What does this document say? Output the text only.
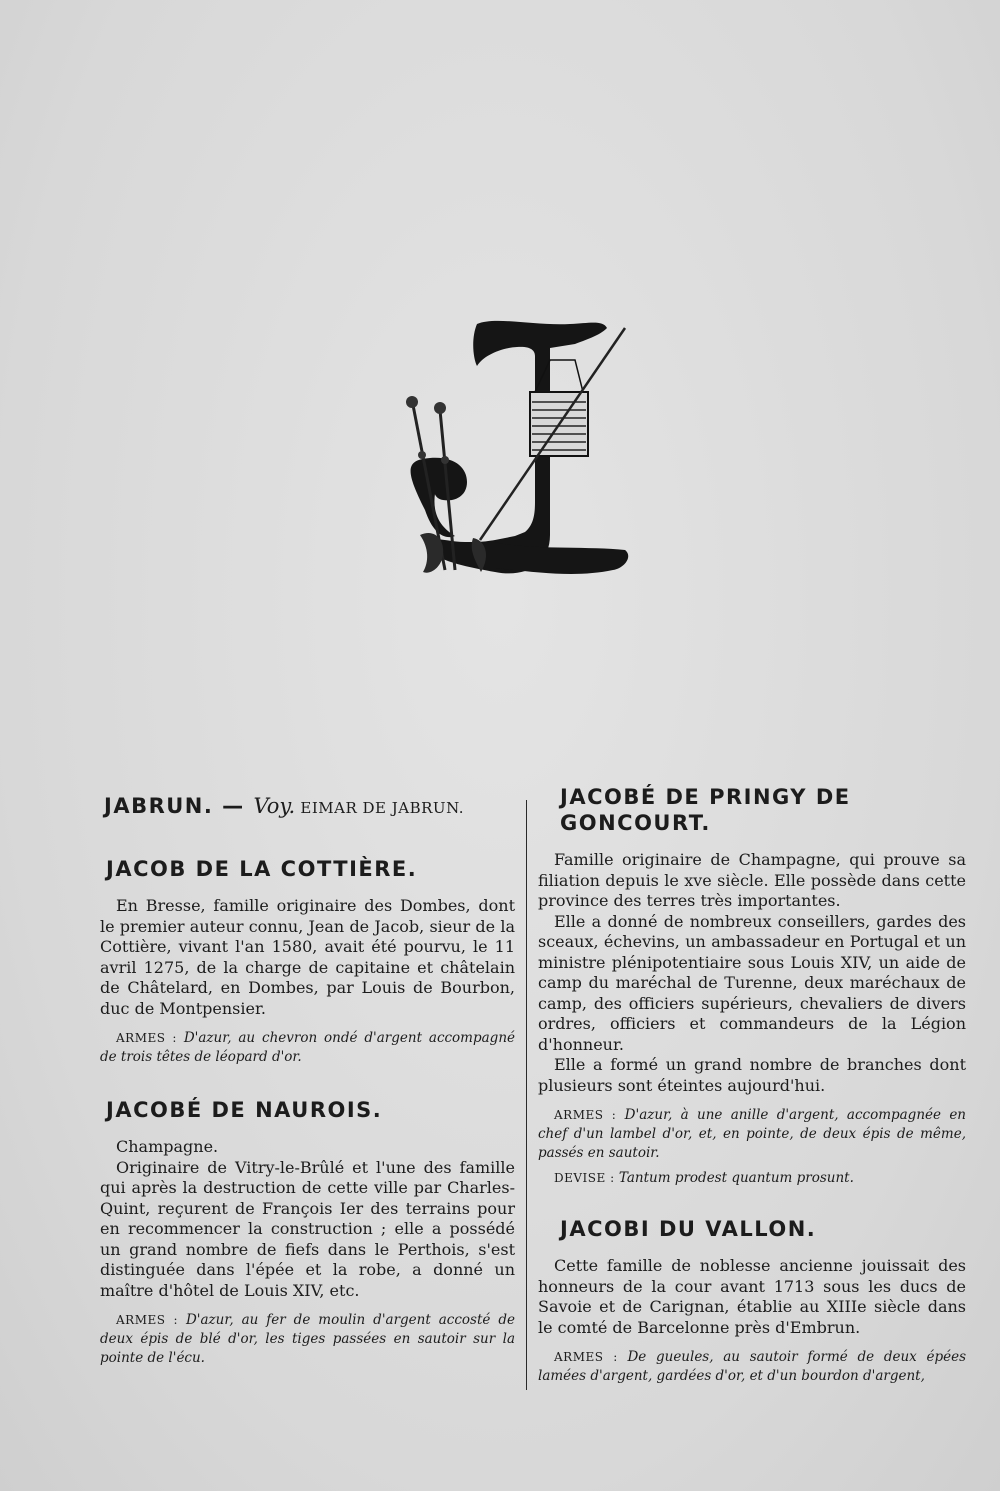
JABRUN. — Voy. EIMAR DE JABRUN.
JACOB DE LA COTTIÈRE.

En Bresse, famille originaire des Dombes, dont le premier auteur connu, Jean de Jacob, sieur de la Cottière, vivant l'an 1580, avait été pourvu, le 11 avril 1275, de la charge de capitaine et châtelain de Châtelard, en Dombes, par Louis de Bourbon, duc de Montpensier.

ARMES : D'azur, au chevron ondé d'argent accompagné de trois têtes de léopard d'or.
JACOBÉ DE NAUROIS.

Champagne.

Originaire de Vitry-le-Brûlé et l'une des famille qui après la destruction de cette ville par Charles-Quint, reçurent de François Ier des terrains pour en recommencer la construction ; elle a possédé un grand nombre de fiefs dans le Perthois, s'est distinguée dans l'épée et la robe, a donné un maître d'hôtel de Louis XIV, etc.

ARMES : D'azur, au fer de moulin d'argent accosté de deux épis de blé d'or, les tiges passées en sautoir sur la pointe de l'écu.
JACOBÉ DE PRINGY DE GONCOURT.

Famille originaire de Champagne, qui prouve sa filiation depuis le xve siècle. Elle possède dans cette province des terres très importantes.

Elle a donné de nombreux conseillers, gardes des sceaux, échevins, un ambassadeur en Portugal et un ministre plénipotentiaire sous Louis XIV, un aide de camp du maréchal de Turenne, deux maréchaux de camp, des officiers supérieurs, chevaliers de divers ordres, officiers et commandeurs de la Légion d'honneur.

Elle a formé un grand nombre de branches dont plusieurs sont éteintes aujourd'hui.

ARMES : D'azur, à une anille d'argent, accompagnée en chef d'un lambel d'or, et, en pointe, de deux épis de même, passés en sautoir.
DEVISE : Tantum prodest quantum prosunt.
JACOBI DU VALLON.

Cette famille de noblesse ancienne jouissait des honneurs de la cour avant 1713 sous les ducs de Savoie et de Carignan, établie au XIIIe siècle dans le comté de Barcelonne près d'Embrun.

ARMES : De gueules, au sautoir formé de deux épées lamées d'argent, gardées d'or, et d'un bourdon d'argent,
